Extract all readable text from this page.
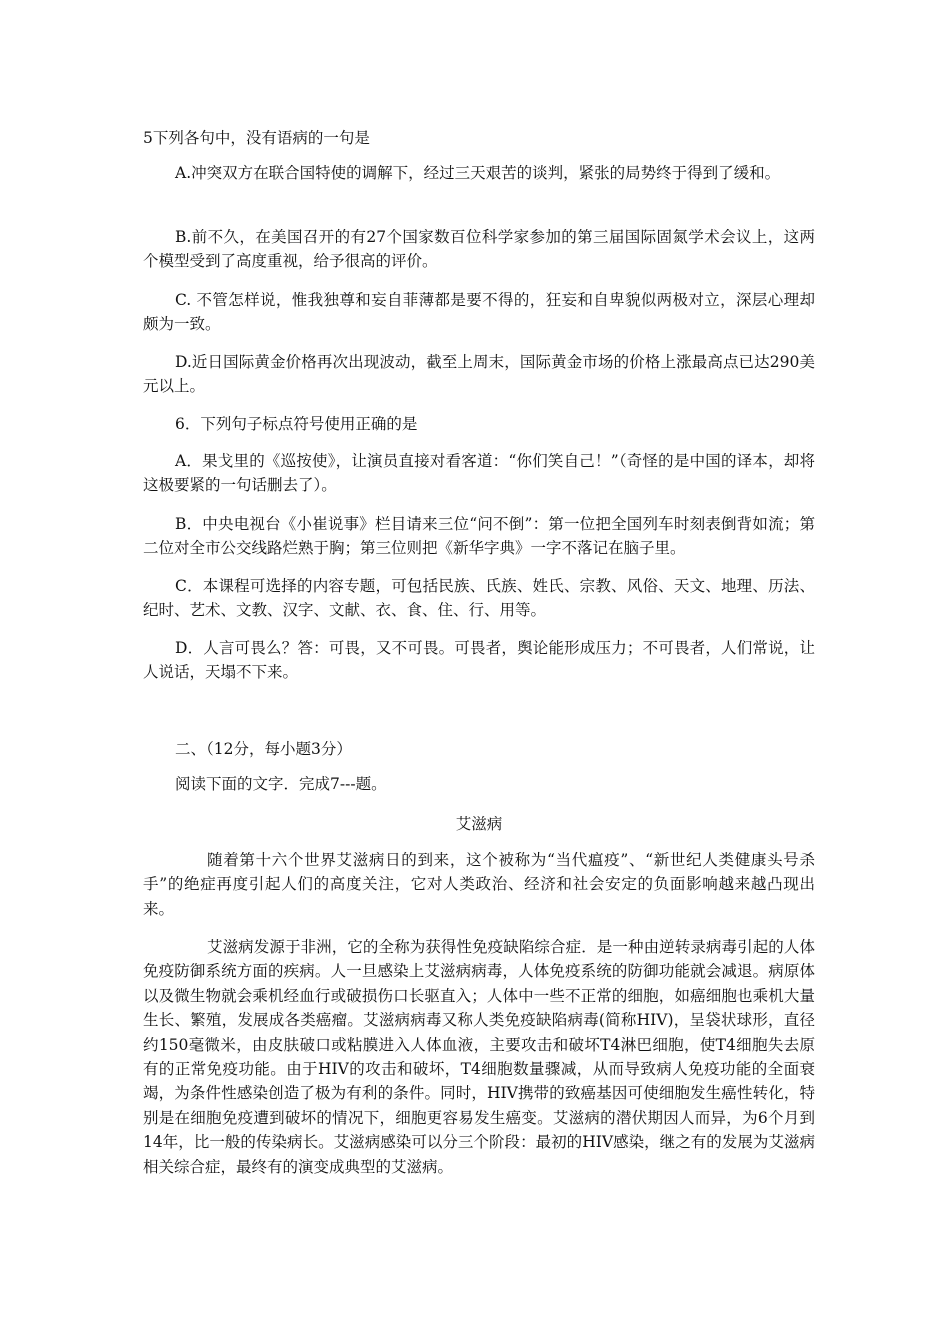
5下列各句中，没有语病的一句是

A.冲突双方在联合国特使的调解下，经过三天艰苦的谈判，紧张的局势终于得到了缓和。

B.前不久，在美国召开的有27个国家数百位科学家参加的第三届国际固氮学术会议上，这两个模型受到了高度重视，给予很高的评价。

C. 不管怎样说，惟我独尊和妄自菲薄都是要不得的，狂妄和自卑貌似两极对立，深层心理却颇为一致。

D.近日国际黄金价格再次出现波动，截至上周末，国际黄金市场的价格上涨最高点已达290美元以上。

6．下列句子标点符号使用正确的是

A．果戈里的《巡按使》，让演员直接对看客道：“你们笑自己！”（奇怪的是中国的译本，却将这极要紧的一句话删去了）。

B．中央电视台《小崔说事》栏目请来三位“问不倒”：第一位把全国列车时刻表倒背如流；第二位对全市公交线路烂熟于胸；第三位则把《新华字典》一字不落记在脑子里。

C．本课程可选择的内容专题，可包括民族、氏族、姓氏、宗教、风俗、天文、地理、历法、纪时、艺术、文教、汉字、文献、衣、食、住、行、用等。

D．人言可畏么？答：可畏，又不可畏。可畏者，舆论能形成压力；不可畏者，人们常说，让人说话，天塌不下来。

二、（12分，每小题3分）

阅读下面的文字．完成7---题。

艾滋病

随着第十六个世界艾滋病日的到来，这个被称为“当代瘟疫”、“新世纪人类健康头号杀手”的绝症再度引起人们的高度关注，它对人类政治、经济和社会安定的负面影响越来越凸现出来。

艾滋病发源于非洲，它的全称为获得性免疫缺陷综合症．是一种由逆转录病毒引起的人体免疫防御系统方面的疾病。人一旦感染上艾滋病病毒，人体免疫系统的防御功能就会减退。病原体以及微生物就会乘机经血行或破损伤口长驱直入；人体中一些不正常的细胞，如癌细胞也乘机大量生长、繁殖，发展成各类癌瘤。艾滋病病毒又称人类免疫缺陷病毒(简称HIV)，呈袋状球形，直径约150毫微米，由皮肤破口或粘膜进入人体血液，主要攻击和破坏T4淋巴细胞，使T4细胞失去原有的正常免疫功能。由于HIV的攻击和破坏，T4细胞数量骤减，从而导致病人免疫功能的全面衰竭，为条件性感染创造了极为有利的条件。同时，HIV携带的致癌基因可使细胞发生癌性转化，特别是在细胞免疫遭到破坏的情况下，细胞更容易发生癌变。艾滋病的潜伏期因人而异，为6个月到14年，比一般的传染病长。艾滋病感染可以分三个阶段：最初的HIV感染，继之有的发展为艾滋病相关综合症，最终有的演变成典型的艾滋病。
